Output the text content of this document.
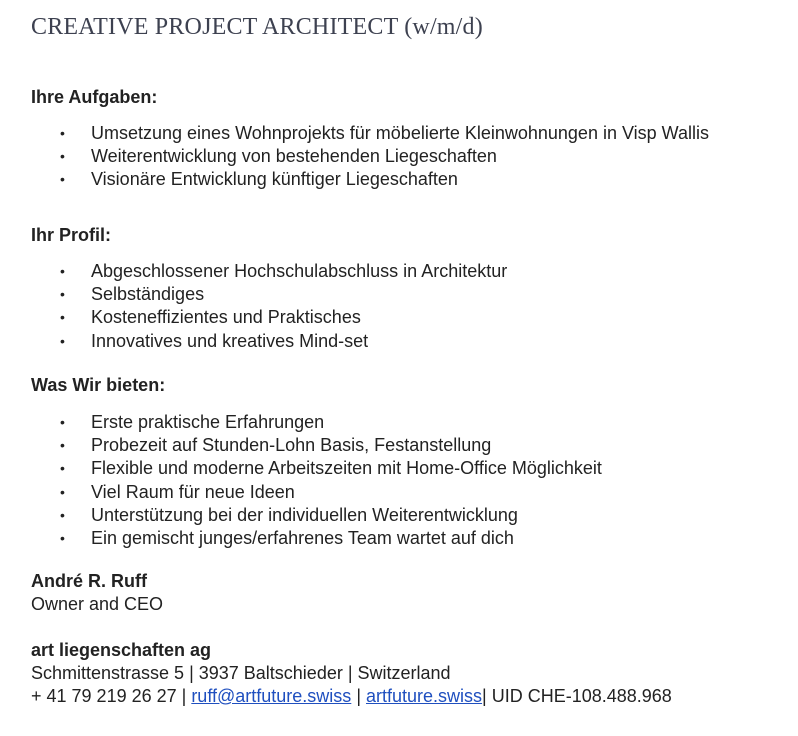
CREATIVE PROJECT ARCHITECT (w/m/d)
Ihre Aufgaben:
• Umsetzung eines Wohnprojekts für möbelierte Kleinwohnungen in Visp Wallis
• Weiterentwicklung von bestehenden Liegeschaften
• Visionäre Entwicklung künftiger Liegeschaften
Ihr Profil:
• Abgeschlossener Hochschulabschluss in Architektur
• Selbständiges
• Kosteneffizientes und Praktisches
• Innovatives und kreatives Mind-set
Was Wir bieten:
• Erste praktische Erfahrungen
• Probezeit auf Stunden-Lohn Basis, Festanstellung
• Flexible und moderne Arbeitszeiten mit Home-Office Möglichkeit
• Viel Raum für neue Ideen
• Unterstützung bei der individuellen Weiterentwicklung
• Ein gemischt junges/erfahrenes Team wartet auf dich
André R. Ruff
Owner and CEO
art liegenschaften ag
Schmittenstrasse 5 | 3937 Baltschieder | Switzerland
+ 41 79 219 26 27 | ruff@artfuture.swiss | artfuture.swiss| UID CHE-108.488.968
